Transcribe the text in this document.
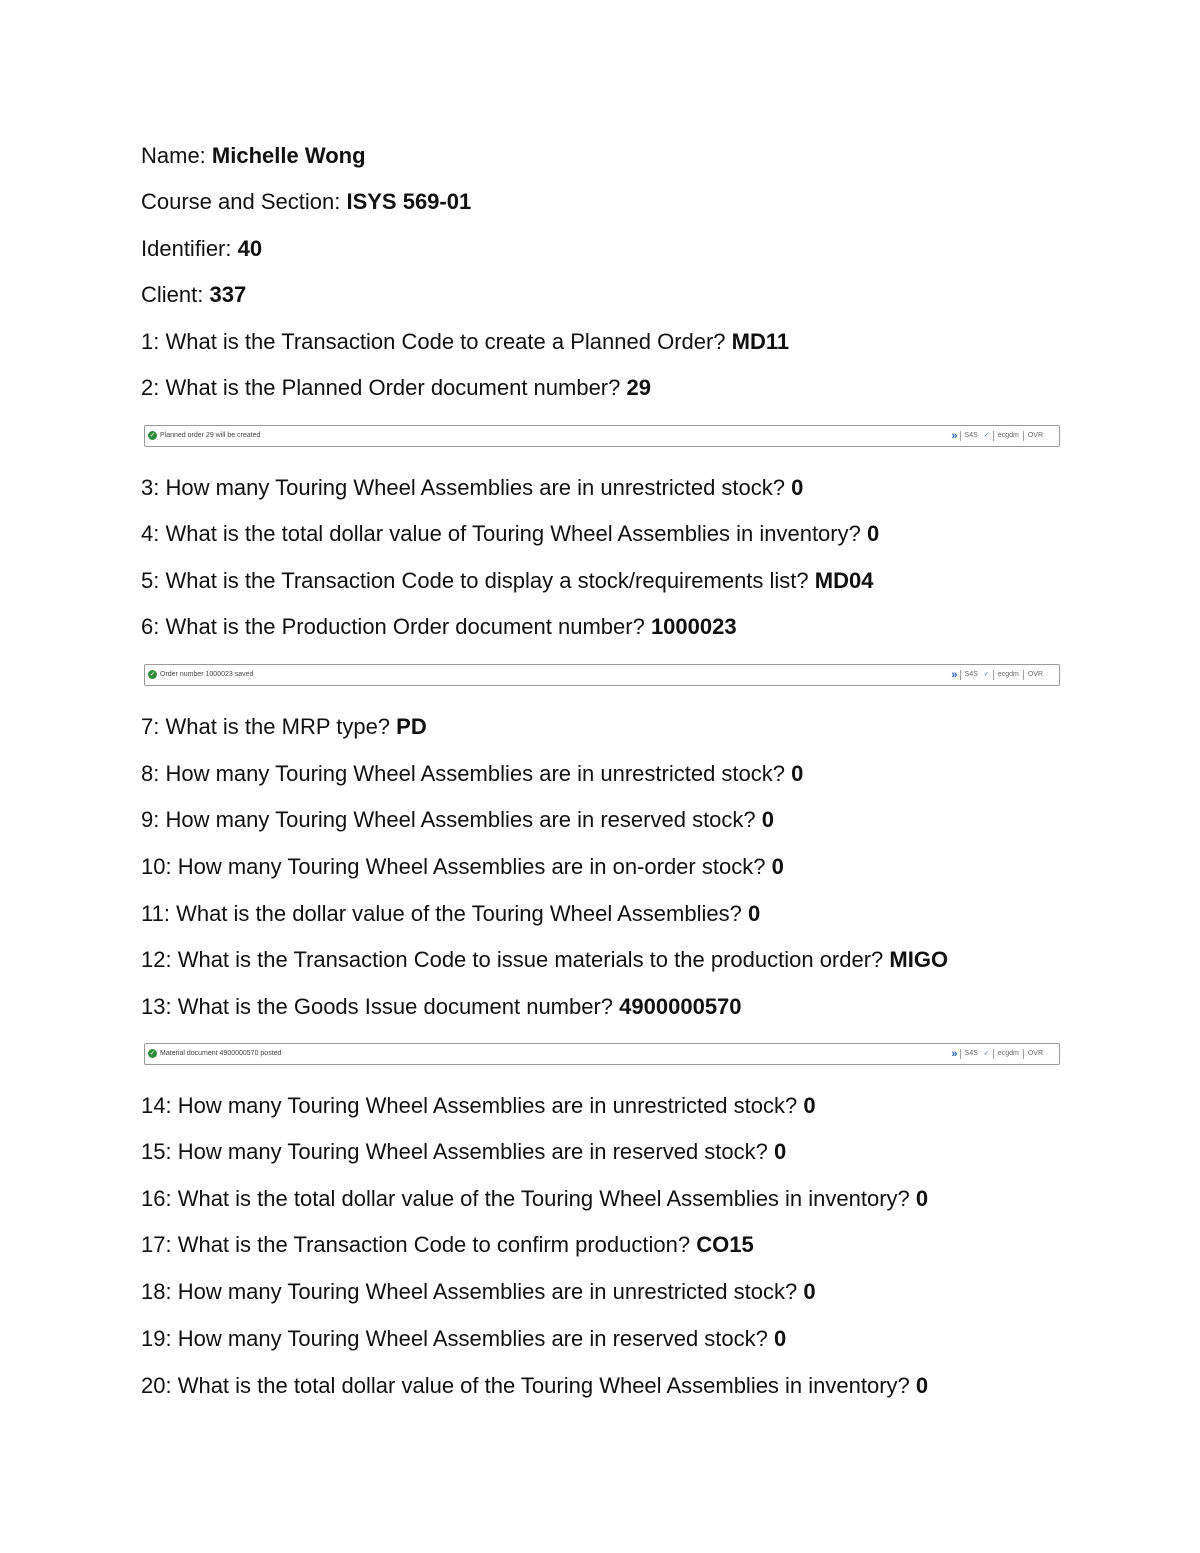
Name: Michelle Wong
Course and Section: ISYS 569-01
Identifier: 40
Client: 337
1: What is the Transaction Code to create a Planned Order? MD11
2: What is the Planned Order document number? 29
✓ Planned order 29 will be created	»	S4S ✓	ecgdm	OVR
3: How many Touring Wheel Assemblies are in unrestricted stock? 0
4: What is the total dollar value of Touring Wheel Assemblies in inventory? 0
5: What is the Transaction Code to display a stock/requirements list? MD04
6: What is the Production Order document number? 1000023
✓ Order number 1000023 saved	»	S4S ✓	ecgdm	OVR
7: What is the MRP type? PD
8: How many Touring Wheel Assemblies are in unrestricted stock? 0
9: How many Touring Wheel Assemblies are in reserved stock? 0
10: How many Touring Wheel Assemblies are in on-order stock? 0
11: What is the dollar value of the Touring Wheel Assemblies? 0
12: What is the Transaction Code to issue materials to the production order? MIGO
13: What is the Goods Issue document number? 4900000570
✓ Material document 4900000570 posted	»	S4S ✓	ecgdm	OVR
14: How many Touring Wheel Assemblies are in unrestricted stock? 0
15: How many Touring Wheel Assemblies are in reserved stock? 0
16: What is the total dollar value of the Touring Wheel Assemblies in inventory? 0
17: What is the Transaction Code to confirm production? CO15
18: How many Touring Wheel Assemblies are in unrestricted stock? 0
19: How many Touring Wheel Assemblies are in reserved stock? 0
20: What is the total dollar value of the Touring Wheel Assemblies in inventory? 0
